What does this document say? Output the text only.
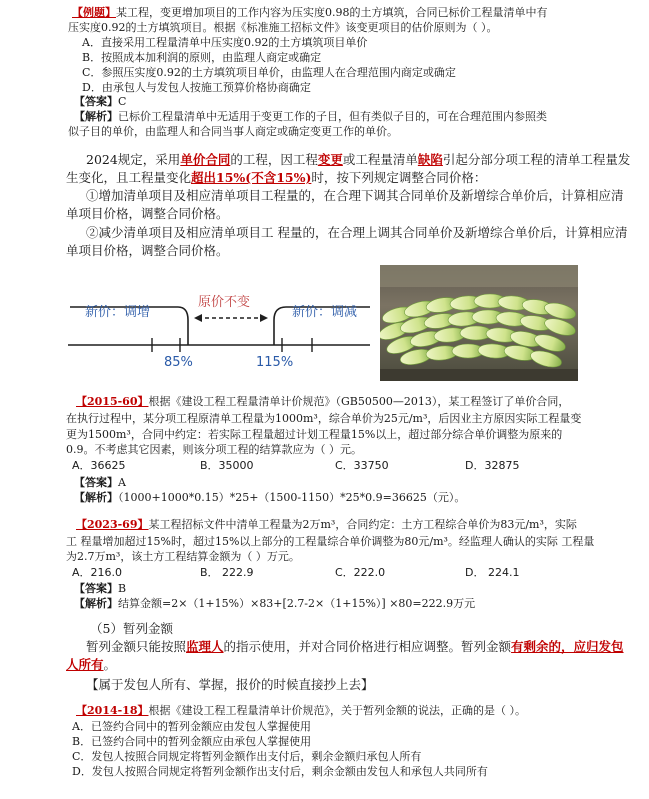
【例题】某工程，变更增加项目的工作内容为压实度0.98的土方填筑，合同已标价工程量清单中有
压实度0.92的土方填筑项目。根据《标准施工招标文件》该变更项目的估价原则为（ ）。
A．直接采用工程量清单中压实度0.92的土方填筑项目单价
B．按照成本加利润的原则，由监理人商定或确定
C．参照压实度0.92的土方填筑项目单价，由监理人在合理范围内商定或确定
D．由承包人与发包人按施工预算价格协商确定
【答案】C
【解析】已标价工程量清单中无适用于变更工作的子目，但有类似子目的，可在合理范围内参照类
似子目的单价，由监理人和合同当事人商定或确定变更工作的单价。
2024规定，采用单价合同的工程，因工程变更或工程量清单缺陷引起分部分项工程的清单工程量发
生变化，且工程量变化超出15%(不含15%)时，按下列规定调整合同价格：
①增加清单项目及相应清单项目工程量的，在合理下调其合同单价及新增综合单价后，计算相应清
单项目价格，调整合同价格。
②减少清单项目及相应清单项目工 程量的，在合理上调其合同单价及新增综合单价后，计算相应清
单项目价格，调整合同价格。
新价：调增
原价不变
新价：调减
85%	115%
【2015-60】根据《建设工程工程量清单计价规范》（GB50500—2013），某工程签订了单价合同，
在执行过程中，某分项工程原清单工程量为1000m³，综合单价为25元/m³，后因业主方原因实际工程量变
更为1500m³，合同中约定：若实际工程量超过计划工程量15%以上，超过部分综合单价调整为原来的
0.9。不考虑其它因素，则该分项工程的结算款应为（ ）元。
A．36625	B．35000	C．33750	D．32875
【答案】A
【解析】（1000+1000*0.15）*25+（1500-1150）*25*0.9=36625（元）。
【2023-69】某工程招标文件中清单工程量为2万m³，合同约定：土方工程综合单价为83元/m³，实际
工 程量增加超过15%时，超过15%以上部分的工程量综合单价调整为80元/m³。经监理人确认的实际 工程量
为2.7万m³，该土方工程结算金额为（ ）万元。
A．216.0	B． 222.9	C．222.0	D． 224.1
【答案】B
【解析】结算金额=2×（1+15%）×83+[2.7-2×（1+15%）] ×80=222.9万元
（5）暂列金额
暂列金额只能按照监理人的指示使用，并对合同价格进行相应调整。暂列金额有剩余的，应归发包
人所有。
【属于发包人所有、掌握，报价的时候直接抄上去】
【2014-18】根据《建设工程工程量清单计价规范》，关于暂列金额的说法，正确的是（ ）。
A．已签约合同中的暂列金额应由发包人掌握使用
B．已签约合同中的暂列金额应由承包人掌握使用
C．发包人按照合同规定将暂列金额作出支付后，剩余金额归承包人所有
D．发包人按照合同规定将暂列金额作出支付后，剩余金额由发包人和承包人共同所有
